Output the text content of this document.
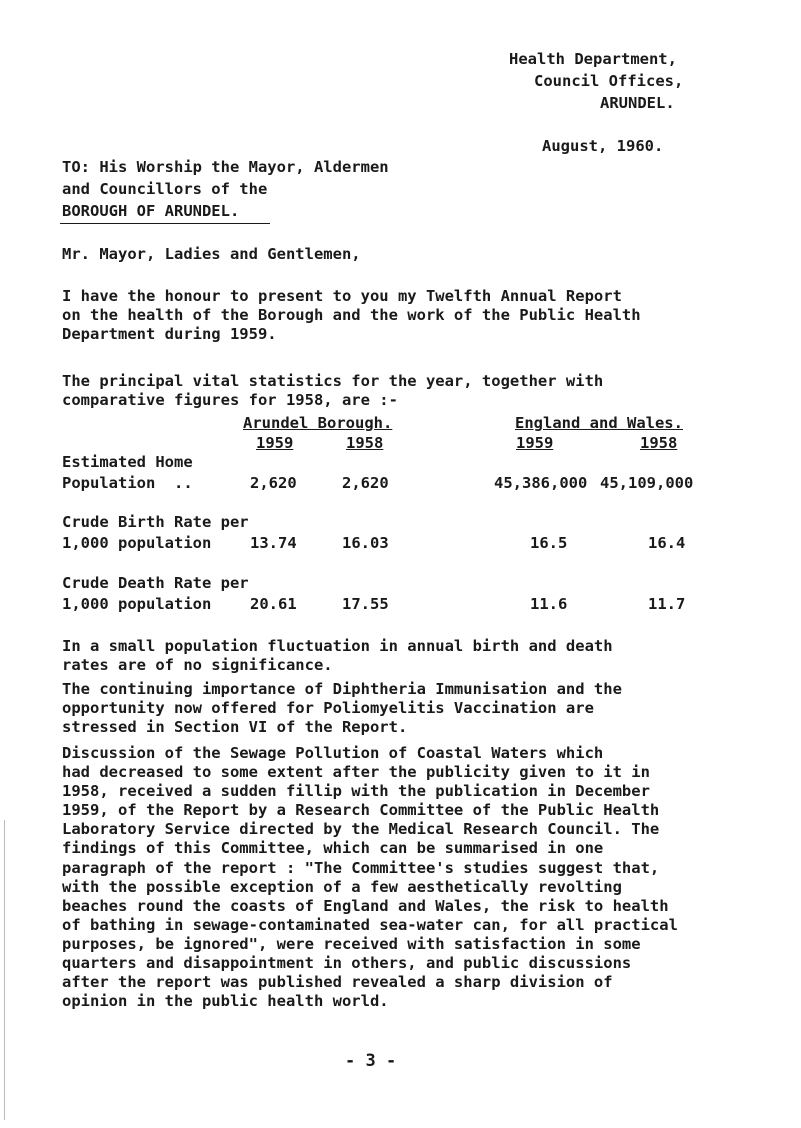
Health Department,
Council Offices,
ARUNDEL.
August, 1960.
TO: His Worship the Mayor, Aldermen
and Councillors of the
BOROUGH OF ARUNDEL.
Mr. Mayor, Ladies and Gentlemen,
I have the honour to present to you my Twelfth Annual Report
on the health of the Borough and the work of the Public Health
Department during 1959.
The principal vital statistics for the year, together with
comparative figures for 1958, are :-
Arundel Borough.	England and Wales.
1959	1958	1959	1958
Estimated Home
Population  ..	2,620	2,620	45,386,000 45,109,000
Crude Birth Rate per
1,000 population 13.74	16.03	16.5	16.4
Crude Death Rate per
1,000 population 20.61	17.55	11.6	11.7
In a small population fluctuation in annual birth and death
rates are of no significance.
The continuing importance of Diphtheria Immunisation and the
opportunity now offered for Poliomyelitis Vaccination are
stressed in Section VI of the Report.
Discussion of the Sewage Pollution of Coastal Waters which
had decreased to some extent after the publicity given to it in
1958, received a sudden fillip with the publication in December
1959, of the Report by a Research Committee of the Public Health
Laboratory Service directed by the Medical Research Council. The
findings of this Committee, which can be summarised in one
paragraph of the report : "The Committee's studies suggest that,
with the possible exception of a few aesthetically revolting
beaches round the coasts of England and Wales, the risk to health
of bathing in sewage-contaminated sea-water can, for all practical
purposes, be ignored", were received with satisfaction in some
quarters and disappointment in others, and public discussions
after the report was published revealed a sharp division of
opinion in the public health world.
- 3 -
